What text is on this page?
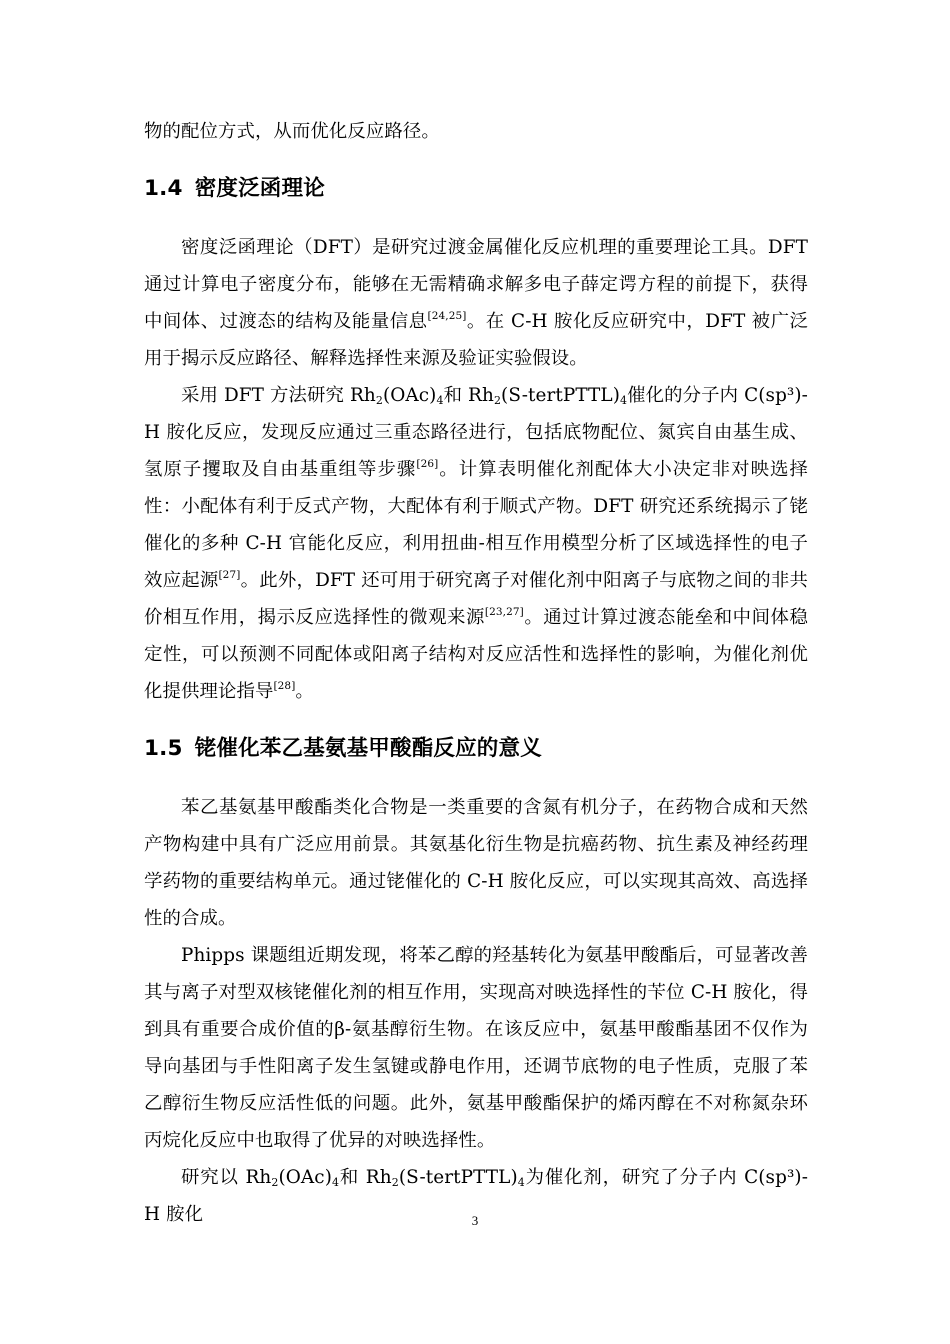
物的配位方式，从而优化反应路径。

1.4 密度泛函理论

密度泛函理论（DFT）是研究过渡金属催化反应机理的重要理论工具。DFT通过计算电子密度分布，能够在无需精确求解多电子薛定谔方程的前提下，获得中间体、过渡态的结构及能量信息[24,25]。在 C-H 胺化反应研究中，DFT 被广泛用于揭示反应路径、解释选择性来源及验证实验假设。

采用 DFT 方法研究 $Rh_2(OAc)_4$和 $Rh_2(S-tertPTTL)_4$催化的分子内 C(sp³)-H 胺化反应，发现反应通过三重态路径进行，包括底物配位、氮宾自由基生成、氢原子攫取及自由基重组等步骤[26]。计算表明催化剂配体大小决定非对映选择性：小配体有利于反式产物，大配体有利于顺式产物。DFT 研究还系统揭示了铑催化的多种 C-H 官能化反应，利用扭曲-相互作用模型分析了区域选择性的电子效应起源[27]。此外，DFT 还可用于研究离子对催化剂中阳离子与底物之间的非共价相互作用，揭示反应选择性的微观来源[23,27]。通过计算过渡态能垒和中间体稳定性，可以预测不同配体或阳离子结构对反应活性和选择性的影响，为催化剂优化提供理论指导[28]。

1.5 铑催化苯乙基氨基甲酸酯反应的意义

苯乙基氨基甲酸酯类化合物是一类重要的含氮有机分子，在药物合成和天然产物构建中具有广泛应用前景。其氨基化衍生物是抗癌药物、抗生素及神经药理学药物的重要结构单元。通过铑催化的 C-H 胺化反应，可以实现其高效、高选择性的合成。

Phipps 课题组近期发现，将苯乙醇的羟基转化为氨基甲酸酯后，可显著改善其与离子对型双核铑催化剂的相互作用，实现高对映选择性的苄位 C-H 胺化，得到具有重要合成价值的β-氨基醇衍生物。在该反应中，氨基甲酸酯基团不仅作为导向基团与手性阳离子发生氢键或静电作用，还调节底物的电子性质，克服了苯乙醇衍生物反应活性低的问题。此外，氨基甲酸酯保护的烯丙醇在不对称氮杂环丙烷化反应中也取得了优异的对映选择性。

研究以 $Rh_2(OAc)_4$和 $Rh_2(S-tertPTTL)_4$为催化剂，研究了分子内 C(sp³)-H 胺化	3
